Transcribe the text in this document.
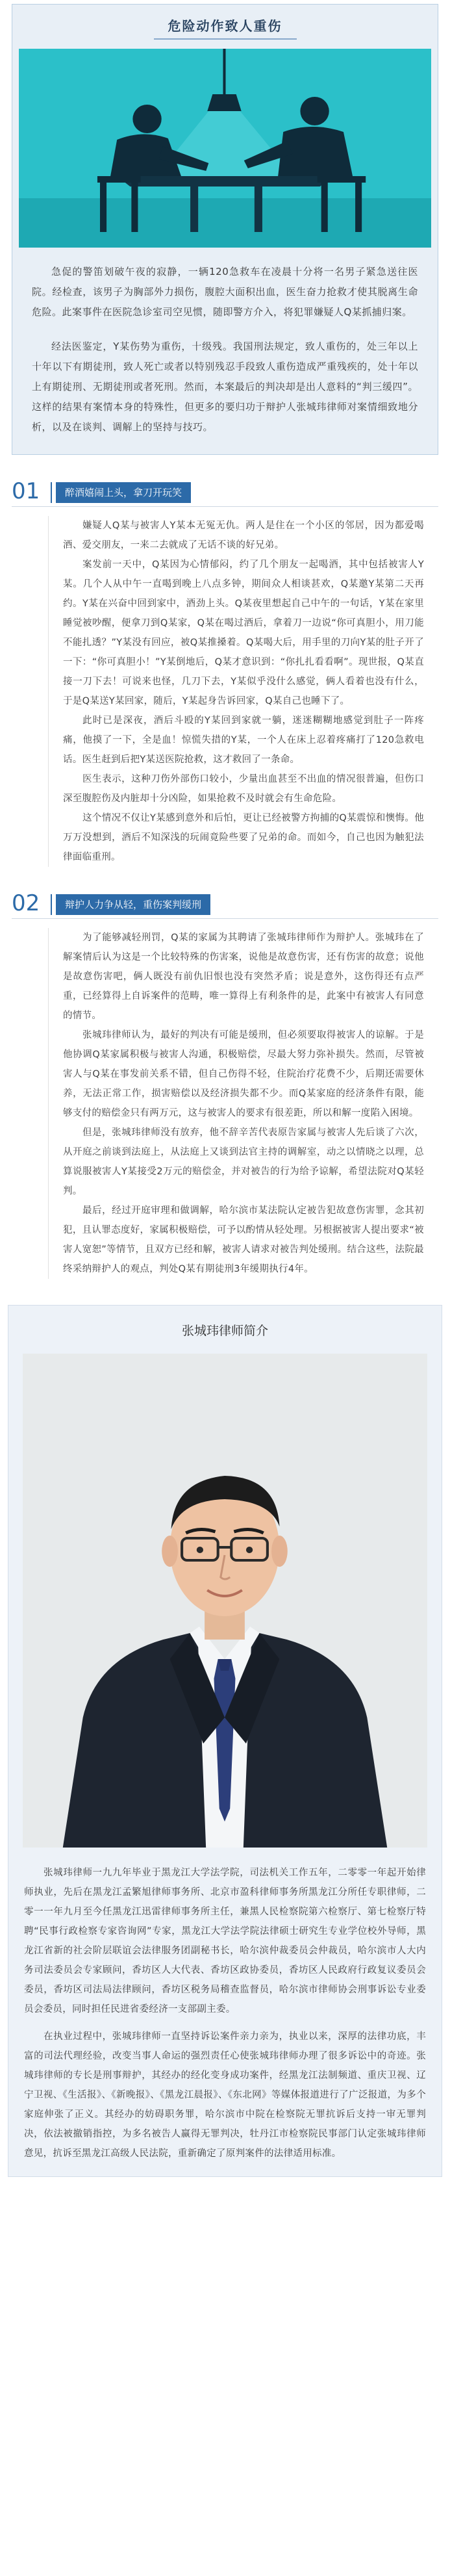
危险动作致人重伤

急促的警笛划破午夜的寂静，一辆120急救车在凌晨十分将一名男子紧急送往医院。经检查，该男子为胸部外力损伤，腹腔大面积出血，医生奋力抢救才使其脱离生命危险。此案事件在医院急诊室司空见惯，随即警方介入，将犯罪嫌疑人Q某抓捕归案。

经法医鉴定，Y某伤势为重伤，十级残。我国刑法规定，致人重伤的，处三年以上十年以下有期徒刑，致人死亡或者以特别残忍手段致人重伤造成严重残疾的，处十年以上有期徒刑、无期徒刑或者死刑。然而，本案最后的判决却是出人意料的“判三缓四”。这样的结果有案情本身的特殊性，但更多的要归功于辩护人张城玮律师对案情细致地分析，以及在谈判、调解上的坚持与技巧。

01	醉酒嬉闹上头，拿刀开玩笑

嫌疑人Q某与被害人Y某本无冤无仇。两人是住在一个小区的邻居，因为都爱喝酒、爱交朋友，一来二去就成了无话不谈的好兄弟。

案发前一天中，Q某因为心情郁闷，约了几个朋友一起喝酒，其中包括被害人Y某。几个人从中午一直喝到晚上八点多钟，期间众人相谈甚欢，Q某邀Y某第二天再约。Y某在兴奋中回到家中，酒劲上头。Q某夜里想起自己中午的一句话，Y某在家里睡觉被吵醒，便拿刀到Q某家，Q某在喝过酒后，拿着刀一边说“你可真胆小，用刀能不能扎透？”Y某没有回应，被Q某推搡着。Q某喝大后，用手里的刀向Y某的肚子开了一下：“你可真胆小！”Y某倒地后，Q某才意识到：“你扎扎看看啊”。现世报，Q某直接一刀下去！可说来也怪，几刀下去，Y某似乎没什么感觉，俩人看着也没有什么，于是Q某送Y某回家，随后，Y某起身告诉回家，Q某自己也睡下了。

此时已是深夜，酒后斗殴的Y某回到家就一躺，迷迷糊糊地感觉到肚子一阵疼痛，他摸了一下，全是血！惊慌失措的Y某，一个人在床上忍着疼痛打了120急救电话。医生赶到后把Y某送医院抢救，这才救回了一条命。

医生表示，这种刀伤外部伤口较小，少量出血甚至不出血的情况很普遍，但伤口深至腹腔伤及内脏却十分凶险，如果抢救不及时就会有生命危险。

这个情况不仅让Y某感到意外和后怕，更让已经被警方拘捕的Q某震惊和懊悔。他万万没想到，酒后不知深浅的玩闹竟险些要了兄弟的命。而如今，自己也因为触犯法律面临重刑。

02	辩护人力争从轻，重伤案判缓刑

为了能够减轻刑罚，Q某的家属为其聘请了张城玮律师作为辩护人。张城玮在了解案情后认为这是一个比较特殊的伤害案，说他是故意伤害，还有伤害的故意；说他是故意伤害吧，俩人既没有前仇旧恨也没有突然矛盾；说是意外，这伤得还有点严重，已经算得上自诉案件的范畴，唯一算得上有利条件的是，此案中有被害人有同意的情节。

张城玮律师认为，最好的判决有可能是缓刑，但必须要取得被害人的谅解。于是他协调Q某家属积极与被害人沟通，积极赔偿，尽最大努力弥补损失。然而，尽管被害人与Q某在事发前关系不错，但自己伤得不轻，住院治疗花费不少，后期还需要休养，无法正常工作，损害赔偿以及经济损失都不少。而Q某家庭的经济条件有限，能够支付的赔偿金只有两万元，这与被害人的要求有很差距，所以和解一度陷入困境。

但是，张城玮律师没有放弃，他不辞辛苦代表原告家属与被害人先后谈了六次，从开庭之前谈到法庭上，从法庭上又谈到法官主持的调解室，动之以情晓之以理，总算说服被害人Y某接受2万元的赔偿金，并对被告的行为给予谅解，希望法院对Q某轻判。

最后，经过开庭审理和做调解，哈尔滨市某法院认定被告犯故意伤害罪，念其初犯，且认罪态度好，家属积极赔偿，可予以酌情从轻处理。另根据被害人提出要求“被害人宽恕”等情节，且双方已经和解，被害人请求对被告判处缓刑。结合这些，法院最终采纳辩护人的观点，判处Q某有期徒刑3年缓期执行4年。

张城玮律师简介

张城玮律师一九九年毕业于黑龙江大学法学院，司法机关工作五年，二零零一年起开始律师执业，先后在黑龙江孟繁旭律师事务所、北京市盈科律师事务所黑龙江分所任专职律师，二零一一年九月至今任黑龙江迅雷律师事务所主任，兼黑人民检察院第六检察厅、第七检察厅特聘“民事行政检察专家咨询网”专家，黑龙江大学法学院法律硕士研究生专业学位校外导师，黑龙江省新的社会阶层联谊会法律服务团副秘书长，哈尔滨仲裁委员会仲裁员，哈尔滨市人大内务司法委员会专家顾问，香坊区人大代表、香坊区政协委员，香坊区人民政府行政复议委员会委员，香坊区司法局法律顾问，香坊区税务局稽查监督员，哈尔滨市律师协会刑事诉讼专业委员会委员，同时担任民进省委经济一支部副主委。

在执业过程中，张城玮律师一直坚持诉讼案件亲力亲为，执业以来，深厚的法律功底，丰富的司法代理经验，改变当事人命运的强烈责任心使张城玮律师办理了很多诉讼中的奇迹。张城玮律师的专长是刑事辩护，其经办的经化变身成功案件，经黑龙江法制频道、重庆卫视、辽宁卫视、《生活报》、《新晚报》、《黑龙江晨报》、《东北网》等媒体报道进行了广泛报道，为多个家庭伸张了正义。其经办的妨碍职务罪，哈尔滨市中院在检察院无罪抗诉后支持一审无罪判决，依法被撤销指控，为多名被告人赢得无罪判决，牡丹江市检察院民事部门认定张城玮律师意见，抗诉至黑龙江高级人民法院，重新确定了原判案件的法律适用标准。
